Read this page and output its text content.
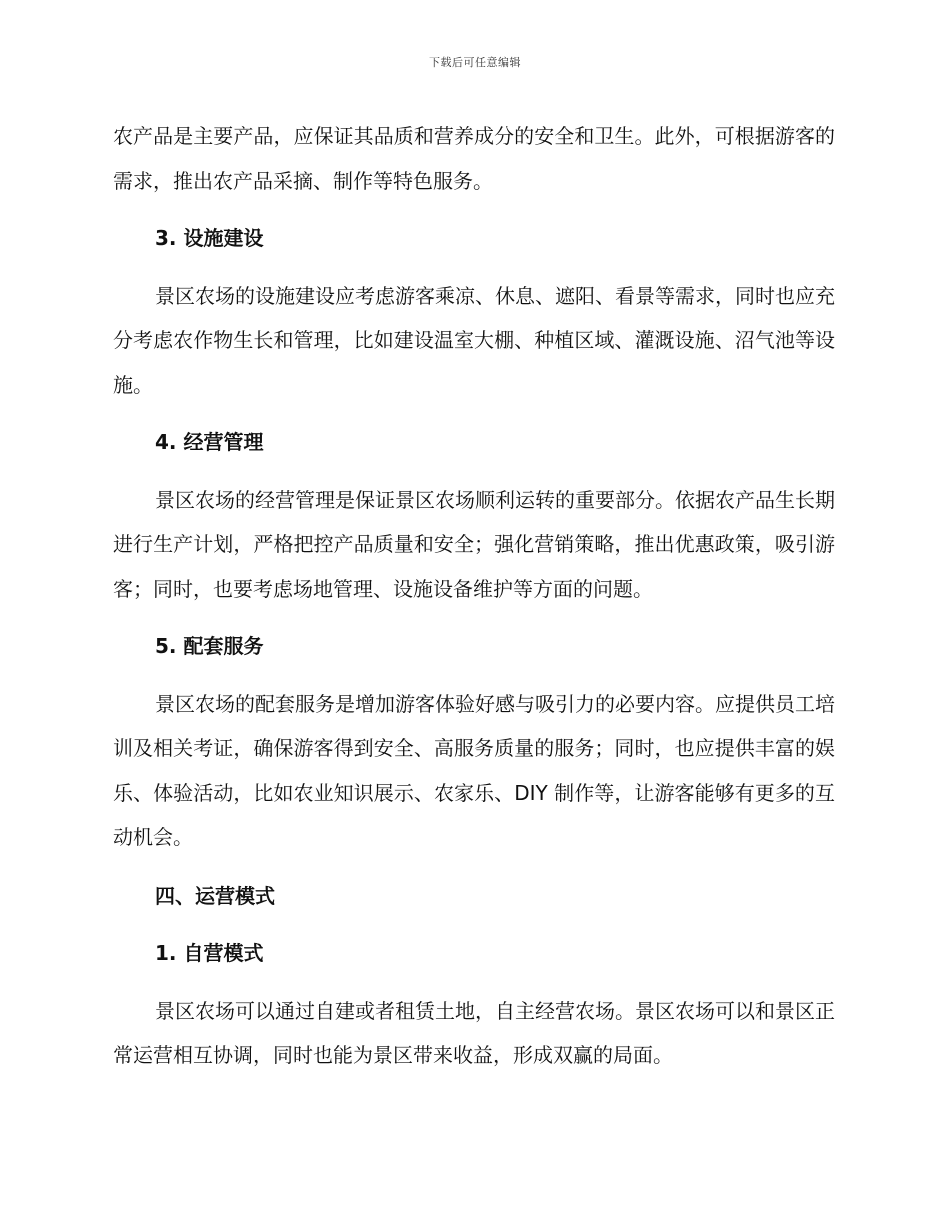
下载后可任意编辑

农产品是主要产品，应保证其品质和营养成分的安全和卫生。此外，可根据游客的需求，推出农产品采摘、制作等特色服务。

3. 设施建设

景区农场的设施建设应考虑游客乘凉、休息、遮阳、看景等需求，同时也应充分考虑农作物生长和管理，比如建设温室大棚、种植区域、灌溉设施、沼气池等设施。

4. 经营管理

景区农场的经营管理是保证景区农场顺利运转的重要部分。依据农产品生长期进行生产计划，严格把控产品质量和安全；强化营销策略，推出优惠政策，吸引游客；同时，也要考虑场地管理、设施设备维护等方面的问题。

5. 配套服务

景区农场的配套服务是增加游客体验好感与吸引力的必要内容。应提供员工培训及相关考证，确保游客得到安全、高服务质量的服务；同时，也应提供丰富的娱乐、体验活动，比如农业知识展示、农家乐、DIY 制作等，让游客能够有更多的互动机会。

四、运营模式

1. 自营模式

景区农场可以通过自建或者租赁土地，自主经营农场。景区农场可以和景区正常运营相互协调，同时也能为景区带来收益，形成双赢的局面。
